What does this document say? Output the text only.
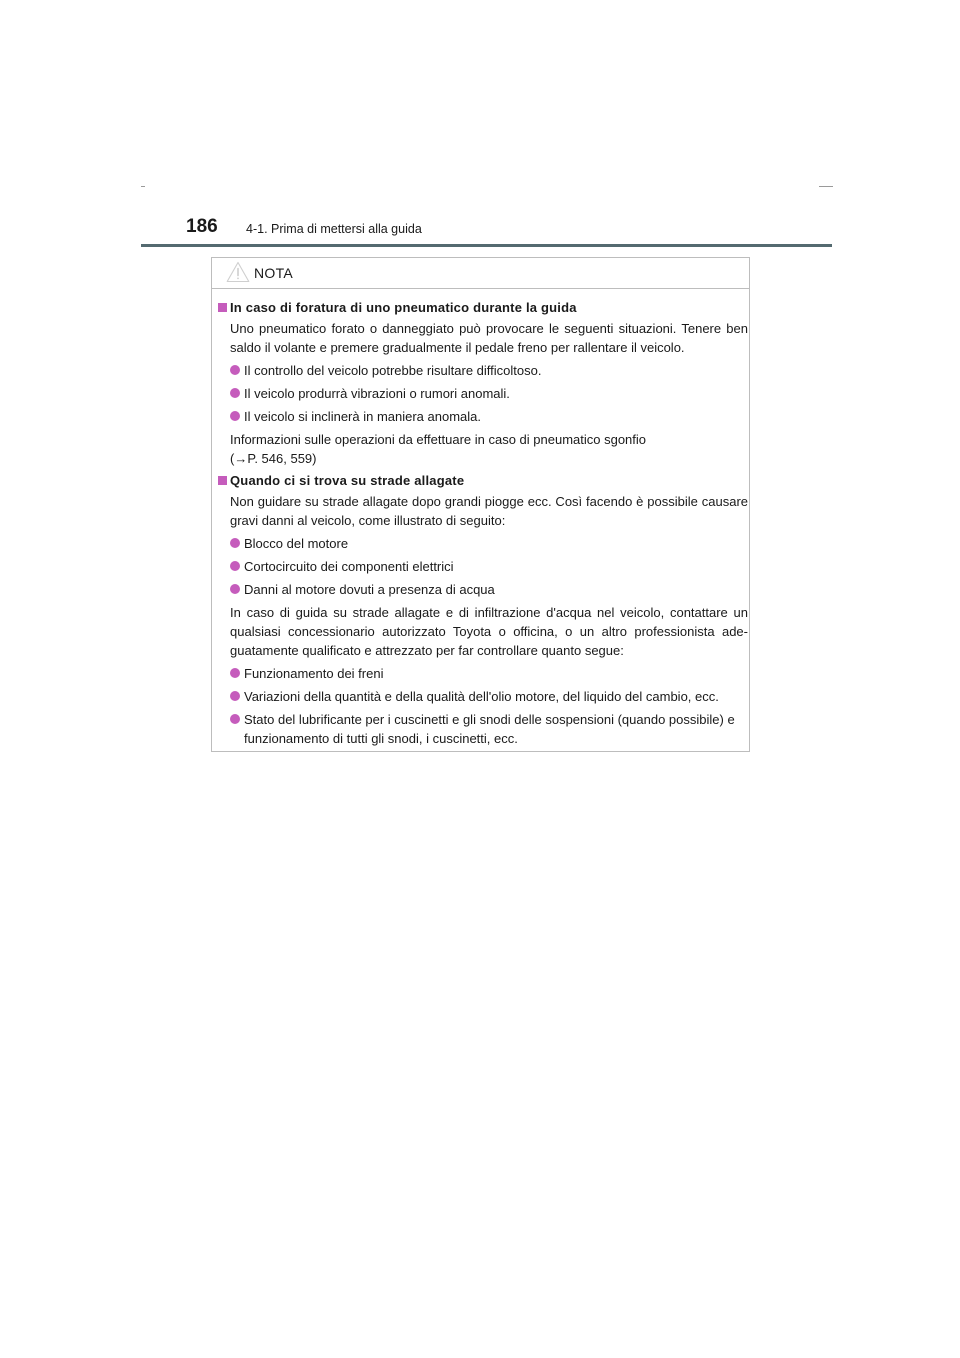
186 4-1. Prima di mettersi alla guida
NOTA
In caso di foratura di uno pneumatico durante la guida
Uno pneumatico forato o danneggiato può provocare le seguenti situazioni. Tenere ben saldo il volante e premere gradualmente il pedale freno per rallentare il veicolo.
Il controllo del veicolo potrebbe risultare difficoltoso.
Il veicolo produrrà vibrazioni o rumori anomali.
Il veicolo si inclinerà in maniera anomala.
Informazioni sulle operazioni da effettuare in caso di pneumatico sgonfio
(→P. 546, 559)
Quando ci si trova su strade allagate
Non guidare su strade allagate dopo grandi piogge ecc. Così facendo è possibile causare gravi danni al veicolo, come illustrato di seguito:
Blocco del motore
Cortocircuito dei componenti elettrici
Danni al motore dovuti a presenza di acqua
In caso di guida su strade allagate e di infiltrazione d'acqua nel veicolo, contattare un qualsiasi concessionario autorizzato Toyota o officina, o un altro professionista ade-guatamente qualificato e attrezzato per far controllare quanto segue:
Funzionamento dei freni
Variazioni della quantità e della qualità dell'olio motore, del liquido del cambio, ecc.
Stato del lubrificante per i cuscinetti e gli snodi delle sospensioni (quando possibile) e funzionamento di tutti gli snodi, i cuscinetti, ecc.
